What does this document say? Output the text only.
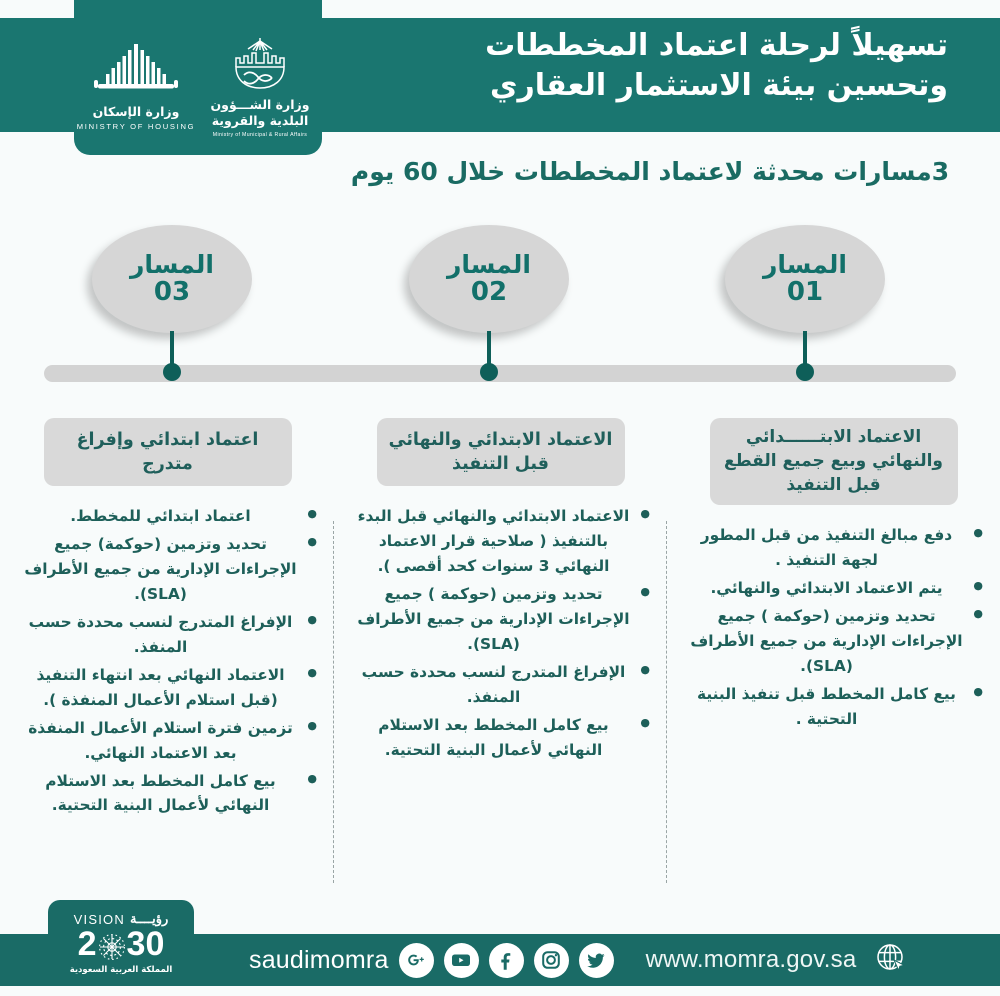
تسهيلاً لرحلة اعتماد المخططات
وتحسين بيئة الاستثمار العقاري
وزارة الشـــؤون
البلدية والقروية
Ministry of Municipal & Rural Affairs
وزارة الإسكان
MINISTRY OF HOUSING
3مسارات محدثة لاعتماد المخططات خلال 60 يوم
المسار
03
المسار
02
المسار
01
الاعتماد الابتــــــدائي والنهائي وبيع جميع القطع قبل التنفيذ
● دفع مبالغ التنفيذ من قبل المطور لجهة التنفيذ .
● يتم الاعتماد الابتدائي والنهائي.
● تحديد وتزمين (حوكمة ) جميع الإجراءات الإدارية من جميع الأطراف (SLA).
● بيع كامل المخطط قبل تنفيذ البنية التحتية .
الاعتماد الابتدائي والنهائي قبل التنفيذ
● الاعتماد الابتدائي والنهائي قبل البدء بالتنفيذ ( صلاحية قرار الاعتماد النهائي 3 سنوات كحد أقصى ).
● تحديد وتزمين (حوكمة ) جميع الإجراءات الإدارية من جميع الأطراف (SLA).
● الإفراغ المتدرج لنسب محددة حسب المنفذ.
● بيع كامل المخطط بعد الاستلام النهائي لأعمال البنية التحتية.
اعتماد ابتدائي وإفراغ متدرج
● اعتماد ابتدائي للمخطط.
● تحديد وتزمين (حوكمة) جميع الإجراءات الإدارية من جميع الأطراف (SLA).
● الإفراغ المتدرج لنسب محددة حسب المنفذ.
● الاعتماد النهائي بعد انتهاء التنفيذ (قبل استلام الأعمال المنفذة ).
● تزمين فترة استلام الأعمال المنفذة بعد الاعتماد النهائي.
● بيع كامل المخطط بعد الاستلام النهائي لأعمال البنية التحتية.
VISION رؤيــــة
2 30
المملكة العربية السعودية	saudimomra	www.momra.gov.sa
